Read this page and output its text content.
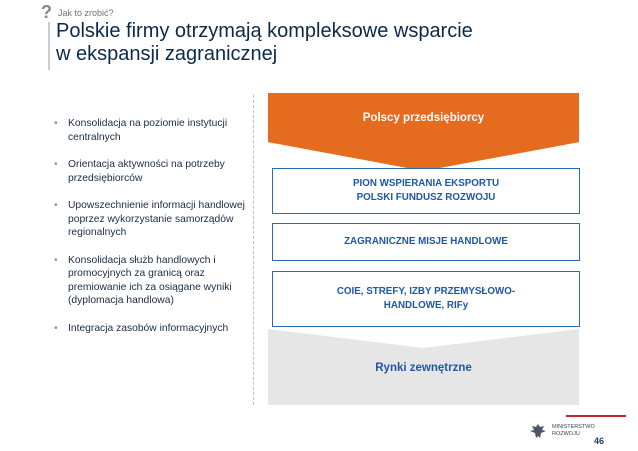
? Jak to zrobić?
Polskie firmy otrzymają kompleksowe wsparcie
w ekspansji zagranicznej
• Konsolidacja na poziomie instytucji centralnych
• Orientacja aktywności na potrzeby przedsiębiorców
• Upowszechnienie informacji handlowej poprzez wykorzystanie samorządów regionalnych
• Konsolidacja służb handlowych i promocyjnych za granicą oraz premiowanie ich za osiągane wyniki (dyplomacja handlowa)
• Integracja zasobów informacyjnych
Polscy przedsiębiorcy
PION WSPIERANIA EKSPORTU
POLSKI FUNDUSZ ROZWOJU
ZAGRANICZNE MISJE HANDLOWE
COIE, STREFY, IZBY PRZEMYSŁOWO-
HANDLOWE, RIFy
Rynki zewnętrzne
MINISTERSTWO
ROZWOJU
46
